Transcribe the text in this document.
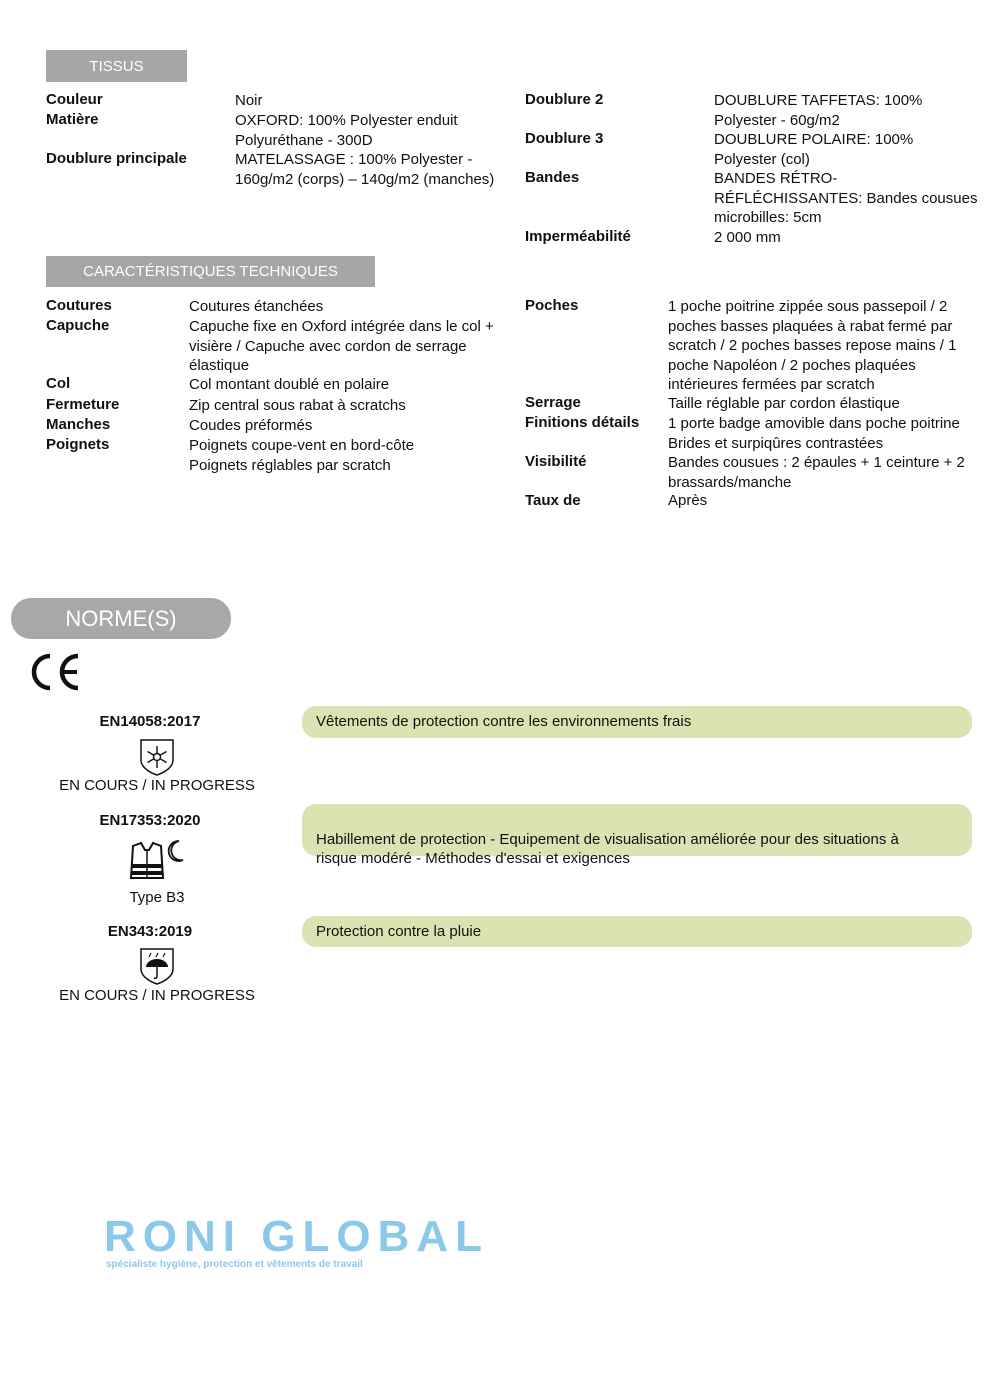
TISSUS
Couleur	Noir
Matière	OXFORD: 100% Polyester enduit
Polyuréthane - 300D
Doublure principale	MATELASSAGE : 100% Polyester -
160g/m2 (corps) – 140g/m2 (manches)
Doublure 2	DOUBLURE TAFFETAS: 100%
Polyester - 60g/m2
Doublure 3	DOUBLURE POLAIRE: 100%
Polyester (col)
Bandes	BANDES RÉTRO-
RÉFLÉCHISSANTES: Bandes cousues
microbilles: 5cm
Imperméabilité	2 000 mm
CARACTÉRISTIQUES TECHNIQUES
Coutures	Coutures étanchées
Capuche	Capuche fixe en Oxford intégrée dans le col +
visière / Capuche avec cordon de serrage
élastique
Col	Col montant doublé en polaire
Fermeture	Zip central sous rabat à scratchs
Manches	Coudes préformés
Poignets	Poignets coupe-vent en bord-côte
Poignets réglables par scratch
Poches	1 poche poitrine zippée sous passepoil / 2
poches basses plaquées à rabat fermé par
scratch / 2 poches basses repose mains / 1
poche Napoléon / 2 poches plaquées
intérieures fermées par scratch
Serrage	Taille réglable par cordon élastique
Finitions détails 1 porte badge amovible dans poche poitrine
Brides et surpiqûres contrastées
Visibilité	Bandes cousues : 2 épaules + 1 ceinture + 2
brassards/manche
Taux de	Après
NORME(S)
EN14058:2017
EN COURS / IN PROGRESS
Vêtements de protection contre les environnements frais
EN17353:2020
Type B3

Habillement de protection - Equipement de visualisation améliorée pour des situations à
risque modéré - Méthodes d'essai et exigences

EN343:2019
EN COURS / IN PROGRESS
Protection contre la pluie
RONI GLOBAL
spécialiste hygiène, protection et vêtements de travail
